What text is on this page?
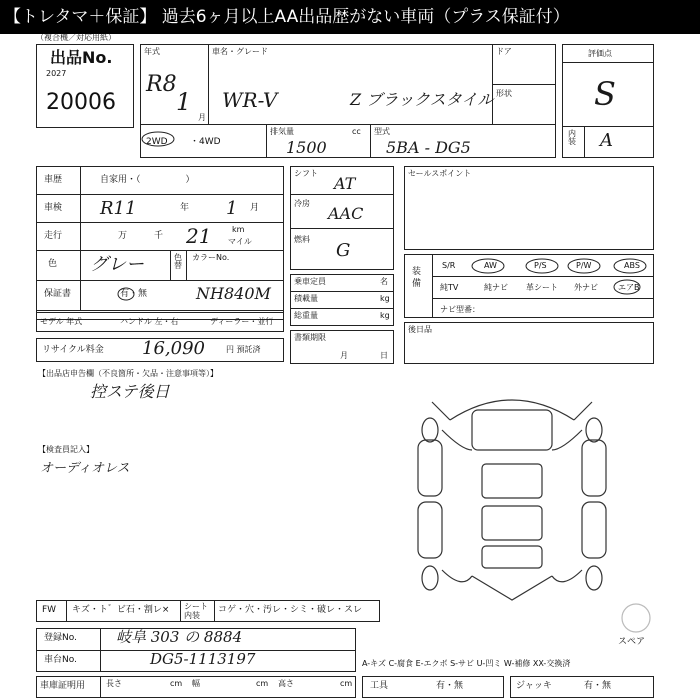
【トレタマ＋保証】 過去6ヶ月以上AA出品歴がない車両（プラス保証付）
（複合機／対応用紙）
出品No.
2027
20006
年式
R8
1
月
車名・グレード
WR-V	Z ブラックスタイル
ドア
形状
2WD ・4WD
排気量	cc
1500
型式
5BA - DG5
評価点
S
内装 A
車歴	自家用・（　　　　　）
車検 R11	年 1 月
走行	万	千 21	km
マイル
色 グレー	色替
カラーNo.
保証書	有・無	NH840M
モデル 年式	ハンドル 左・右	ディーラー・並行
リサイクル料金 16,090	円 預託済
シフト
AT
冷房
AAC
燃料
G
乗車定員	名
積載量	kg
総重量	kg
書類期限
月	日
セールスポイント
装備
S/R	AW	P/S	P/W	ABS
純TV	純ナビ 革シート 外ナビ	エアB
ナビ型番：
後日品
【出品店申告欄（不良箇所・欠品・注意事項等）】
控ステ後日
【検査員記入】
オーディオレス
FW キズ・ト゛ビ石・割レ× シート 内装
コゲ・穴・汚レ・シミ・破レ・スレ
登録No.	岐阜 303 の 8884
車台No.	DG5-1113197
スペア
A-キズ C-腐食 E-エクボ S-サビ U-凹ミ W-補修 XX-交換済
車庫証明用	長さ	cm 幅	cm 高さ	cm 工具	有・無	ジャッキ	有・無
